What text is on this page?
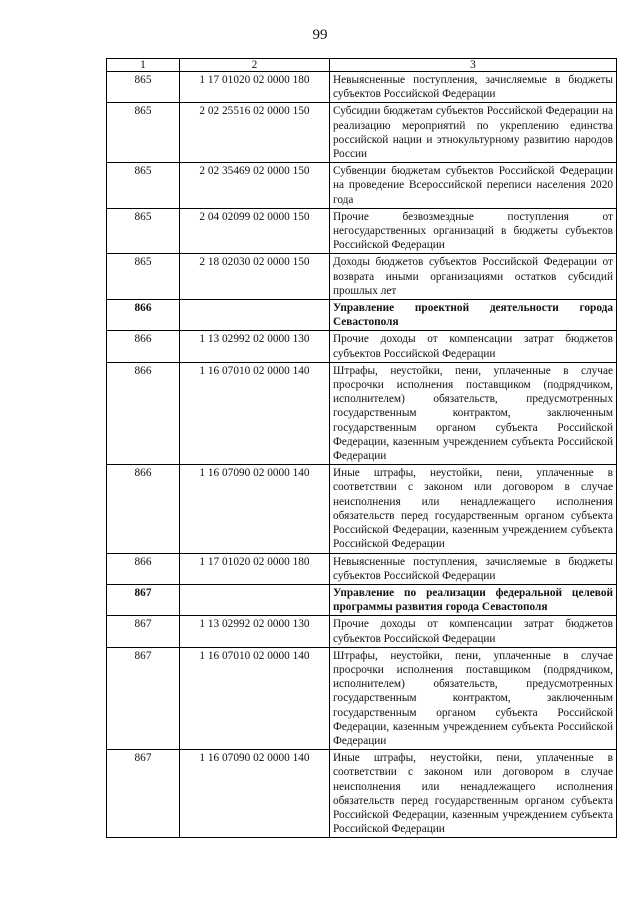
99
1	2	3
865	1 17 01020 02 0000 180	Невыясненные поступления, зачисляемые в бюджеты субъектов Российской Федерации
865	2 02 25516 02 0000 150	Субсидии бюджетам субъектов Российской Федерации на реализацию мероприятий по укреплению единства российской нации и этнокультурному развитию народов России
865	2 02 35469 02 0000 150	Субвенции бюджетам субъектов Российской Федерации на проведение Всероссийской переписи населения 2020 года
865	2 04 02099 02 0000 150	Прочие безвозмездные поступления от негосударственных организаций в бюджеты субъектов Российской Федерации
865	2 18 02030 02 0000 150	Доходы бюджетов субъектов Российской Федерации от возврата иными организациями остатков субсидий прошлых лет
866		Управление проектной деятельности города Севастополя
866	1 13 02992 02 0000 130	Прочие доходы от компенсации затрат бюджетов субъектов Российской Федерации
866	1 16 07010 02 0000 140	Штрафы, неустойки, пени, уплаченные в случае просрочки исполнения поставщиком (подрядчиком, исполнителем) обязательств, предусмотренных государственным контрактом, заключенным государственным органом субъекта Российской Федерации, казенным учреждением субъекта Российской Федерации
866	1 16 07090 02 0000 140	Иные штрафы, неустойки, пени, уплаченные в соответствии с законом или договором в случае неисполнения или ненадлежащего исполнения обязательств перед государственным органом субъекта Российской Федерации, казенным учреждением субъекта Российской Федерации
866	1 17 01020 02 0000 180	Невыясненные поступления, зачисляемые в бюджеты субъектов Российской Федерации
867		Управление по реализации федеральной целевой программы развития города Севастополя
867	1 13 02992 02 0000 130	Прочие доходы от компенсации затрат бюджетов субъектов Российской Федерации
867	1 16 07010 02 0000 140	Штрафы, неустойки, пени, уплаченные в случае просрочки исполнения поставщиком (подрядчиком, исполнителем) обязательств, предусмотренных государственным контрактом, заключенным государственным органом субъекта Российской Федерации, казенным учреждением субъекта Российской Федерации
867	1 16 07090 02 0000 140	Иные штрафы, неустойки, пени, уплаченные в соответствии с законом или договором в случае неисполнения или ненадлежащего исполнения обязательств перед государственным органом субъекта Российской Федерации, казенным учреждением субъекта Российской Федерации
